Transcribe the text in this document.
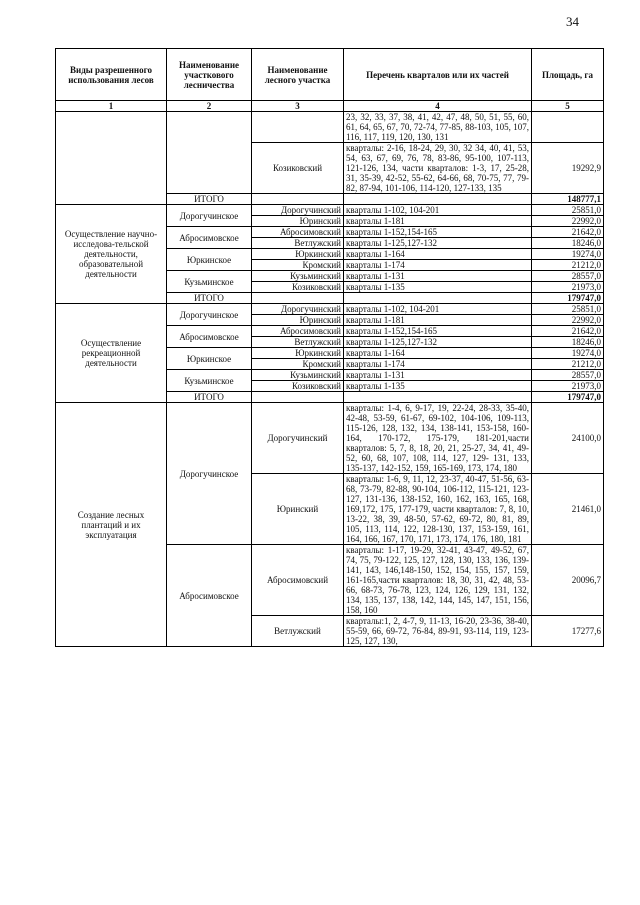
34
Виды разрешенного использования лесов	Наименование участкового лесничества	Наименование лесного участка	Перечень кварталов или их частей	Площадь, га
1	2	3	4	5
			23, 32, 33, 37, 38, 41, 42, 47, 48, 50, 51, 55, 60, 61, 64, 65, 67, 70, 72-74, 77-85, 88-103, 105, 107, 116, 117, 119, 120, 130, 131	
		Козиковский	кварталы: 2-16, 18-24, 29, 30, 32 34, 40, 41, 53, 54, 63, 67, 69, 76, 78, 83-86, 95-100, 107-113, 121-126, 134, части кварталов: 1-3, 17, 25-28, 31, 35-39, 42-52, 55-62, 64-66, 68, 70-75, 77, 79-82, 87-94, 101-106, 114-120, 127-133, 135	19292,9
	ИТОГО			148777,1
Осуществление научно-исследова-тельской деятельности, образовательной деятельности	Дорогучинское	Дорогучинский	кварталы 1-102, 104-201	25851,0
		Юринский	кварталы 1-181	22992,0
	Абросимовское	Абросимовский	кварталы 1-152,154-165	21642,0
		Ветлужский	кварталы 1-125,127-132	18246,0
	Юркинское	Юркинский	кварталы 1-164	19274,0
		Кромский	кварталы 1-174	21212,0
	Кузьминское	Кузьминский	кварталы 1-131	28557,0
		Козиковский	кварталы 1-135	21973,0
	ИТОГО			179747,0
Осуществление рекреационной деятельности	Дорогучинское	Дорогучинский	кварталы 1-102, 104-201	25851,0
		Юринский	кварталы 1-181	22992,0
	Абросимовское	Абросимовский	кварталы 1-152,154-165	21642,0
		Ветлужский	кварталы 1-125,127-132	18246,0
	Юркинское	Юркинский	кварталы 1-164	19274,0
		Кромский	кварталы 1-174	21212,0
	Кузьминское	Кузьминский	кварталы 1-131	28557,0
		Козиковский	кварталы 1-135	21973,0
	ИТОГО			179747,0
Создание лесных плантаций и их эксплуатация	Дорогучинское	Дорогучинский	кварталы: 1-4, 6, 9-17, 19, 22-24, 28-33, 35-40, 42-48, 53-59, 61-67, 69-102, 104-106, 109-113, 115-126, 128, 132, 134, 138-141, 153-158, 160-164, 170-172, 175-179, 181-201,части кварталов: 5, 7, 8, 18, 20, 21, 25-27, 34, 41, 49-52, 60, 68, 107, 108, 114, 127, 129- 131, 133, 135-137, 142-152, 159, 165-169, 173, 174, 180	24100,0
		Юринский	кварталы: 1-6, 9, 11, 12, 23-37, 40-47, 51-56, 63-68, 73-79, 82-88, 90-104, 106-112, 115-121, 123-127, 131-136, 138-152, 160, 162, 163, 165, 168, 169,172, 175, 177-179, части кварталов: 7, 8, 10, 13-22, 38, 39, 48-50, 57-62, 69-72, 80, 81, 89, 105, 113, 114, 122, 128-130, 137, 153-159, 161, 164, 166, 167, 170, 171, 173, 174, 176, 180, 181	21461,0
	Абросимовское	Абросимовский	кварталы: 1-17, 19-29, 32-41, 43-47, 49-52, 67, 74, 75, 79-122, 125, 127, 128, 130, 133, 136, 139-141, 143, 146,148-150, 152, 154, 155, 157, 159, 161-165,части кварталов: 18, 30, 31, 42, 48, 53-66, 68-73, 76-78, 123, 124, 126, 129, 131, 132, 134, 135, 137, 138, 142, 144, 145, 147, 151, 156, 158, 160	20096,7
		Ветлужский	кварталы:1, 2, 4-7, 9, 11-13, 16-20, 23-36, 38-40, 55-59, 66, 69-72, 76-84, 89-91, 93-114, 119, 123-125, 127, 130,	17277,6
